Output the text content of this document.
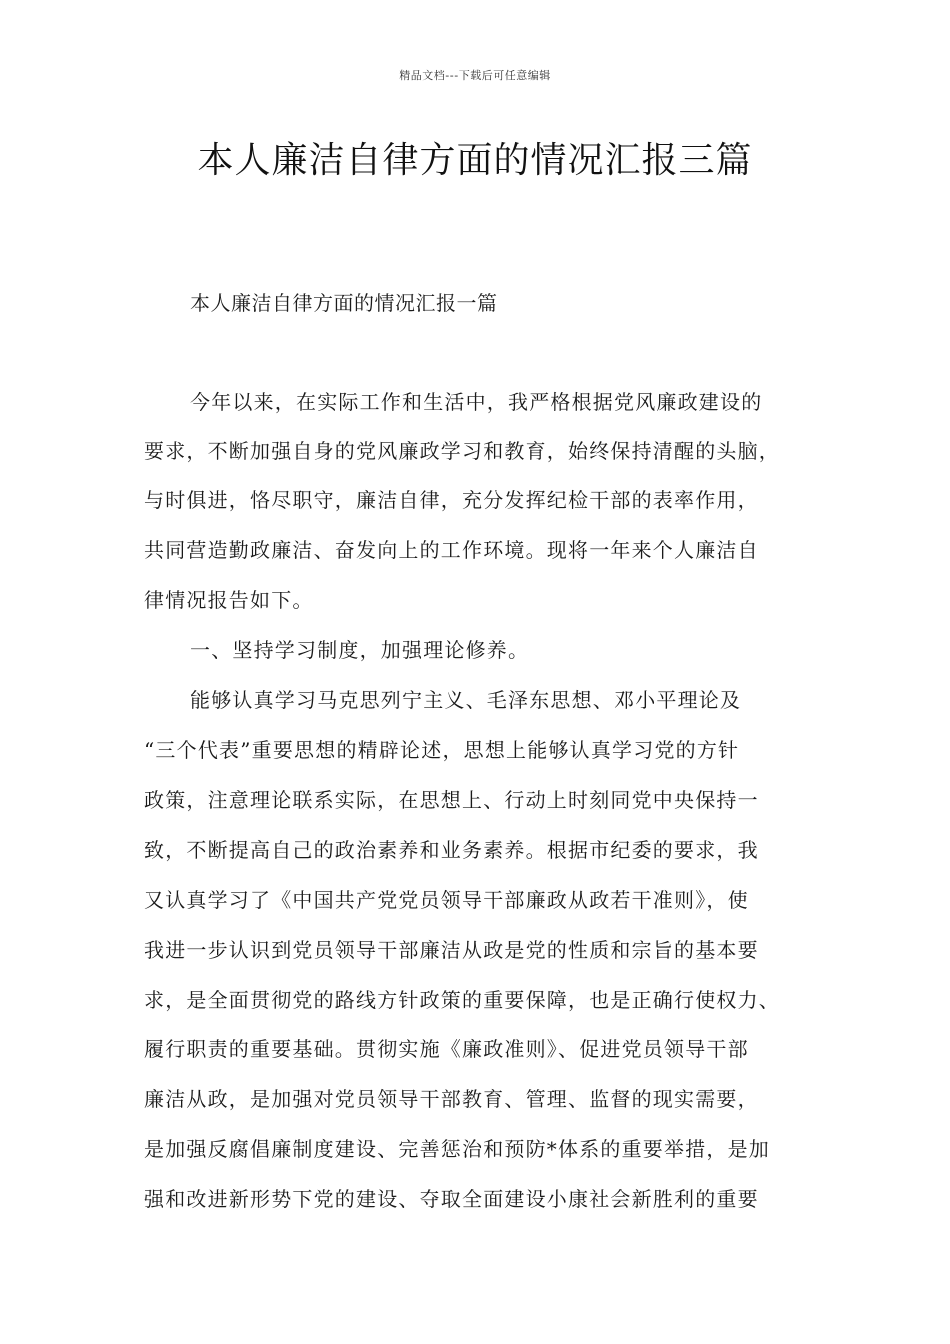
精品文档---下载后可任意编辑
本人廉洁自律方面的情况汇报三篇
本人廉洁自律方面的情况汇报一篇
今年以来，在实际工作和生活中，我严格根据党风廉政建设的
要求，不断加强自身的党风廉政学习和教育，始终保持清醒的头脑，
与时俱进，恪尽职守，廉洁自律，充分发挥纪检干部的表率作用，
共同营造勤政廉洁、奋发向上的工作环境。现将一年来个人廉洁自
律情况报告如下。
一、坚持学习制度，加强理论修养。
能够认真学习马克思列宁主义、毛泽东思想、邓小平理论及
“三个代表”重要思想的精辟论述，思想上能够认真学习党的方针
政策，注意理论联系实际，在思想上、行动上时刻同党中央保持一
致，不断提高自己的政治素养和业务素养。根据市纪委的要求，我
又认真学习了《中国共产党党员领导干部廉政从政若干准则》，使
我进一步认识到党员领导干部廉洁从政是党的性质和宗旨的基本要
求，是全面贯彻党的路线方针政策的重要保障，也是正确行使权力、
履行职责的重要基础。贯彻实施《廉政准则》、促进党员领导干部
廉洁从政，是加强对党员领导干部教育、管理、监督的现实需要，
是加强反腐倡廉制度建设、完善惩治和预防*体系的重要举措，是加
强和改进新形势下党的建设、夺取全面建设小康社会新胜利的重要
